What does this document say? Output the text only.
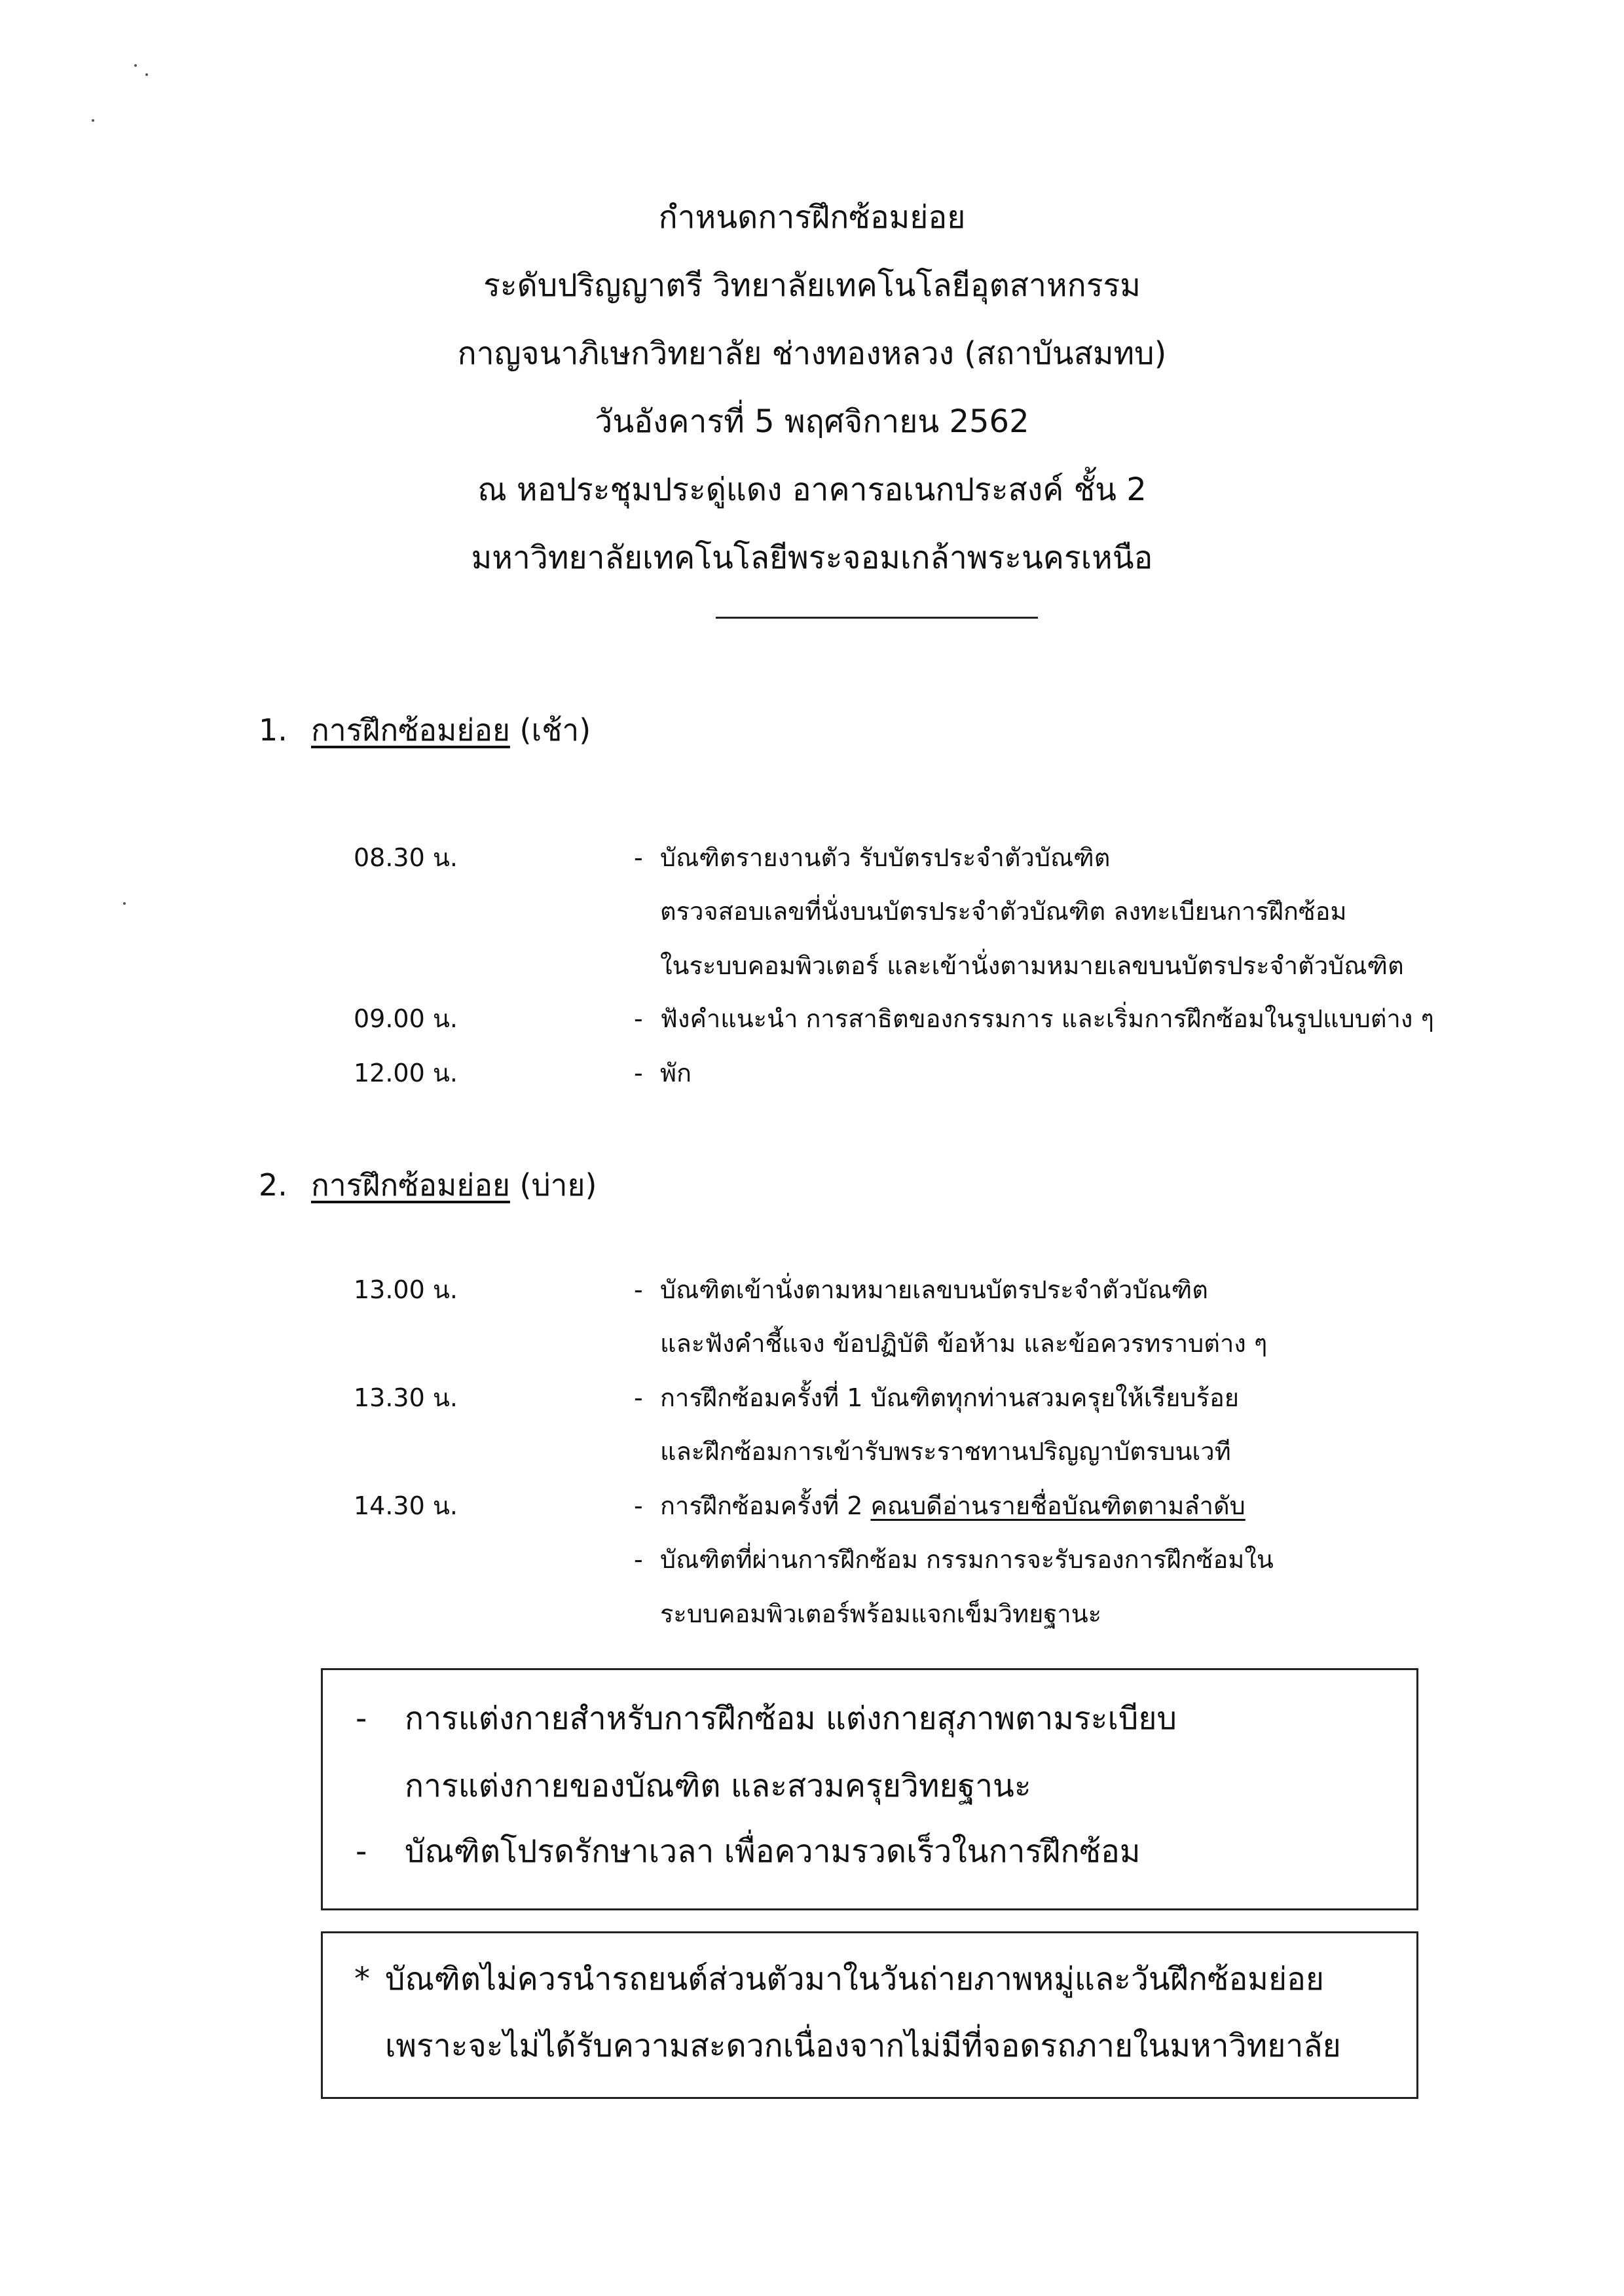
กำหนดการฝึกซ้อมย่อย
ระดับปริญญาตรี วิทยาลัยเทคโนโลยีอุตสาหกรรม
กาญจนาภิเษกวิทยาลัย ช่างทองหลวง (สถาบันสมทบ)
วันอังคารที่ 5 พฤศจิกายน 2562
ณ หอประชุมประดู่แดง อาคารอเนกประสงค์ ชั้น 2
มหาวิทยาลัยเทคโนโลยีพระจอมเกล้าพระนครเหนือ
1. การฝึกซ้อมย่อย (เช้า)
08.30 น.	- บัณฑิตรายงานตัว รับบัตรประจำตัวบัณฑิต
ตรวจสอบเลขที่นั่งบนบัตรประจำตัวบัณฑิต ลงทะเบียนการฝึกซ้อม
ในระบบคอมพิวเตอร์ และเข้านั่งตามหมายเลขบนบัตรประจำตัวบัณฑิต
09.00 น.	- ฟังคำแนะนำ การสาธิตของกรรมการ และเริ่มการฝึกซ้อมในรูปแบบต่าง ๆ
12.00 น.	- พัก
2. การฝึกซ้อมย่อย (บ่าย)
13.00 น.	- บัณฑิตเข้านั่งตามหมายเลขบนบัตรประจำตัวบัณฑิต
และฟังคำชี้แจง ข้อปฏิบัติ ข้อห้าม และข้อควรทราบต่าง ๆ
13.30 น.	- การฝึกซ้อมครั้งที่ 1 บัณฑิตทุกท่านสวมครุยให้เรียบร้อย
และฝึกซ้อมการเข้ารับพระราชทานปริญญาบัตรบนเวที
14.30 น.	- การฝึกซ้อมครั้งที่ 2 คณบดีอ่านรายชื่อบัณฑิตตามลำดับ
- บัณฑิตที่ผ่านการฝึกซ้อม กรรมการจะรับรองการฝึกซ้อมใน
ระบบคอมพิวเตอร์พร้อมแจกเข็มวิทยฐานะ
- การแต่งกายสำหรับการฝึกซ้อม แต่งกายสุภาพตามระเบียบ
การแต่งกายของบัณฑิต และสวมครุยวิทยฐานะ
- บัณฑิตโปรดรักษาเวลา เพื่อความรวดเร็วในการฝึกซ้อม
* บัณฑิตไม่ควรนำรถยนต์ส่วนตัวมาในวันถ่ายภาพหมู่และวันฝึกซ้อมย่อย
เพราะจะไม่ได้รับความสะดวกเนื่องจากไม่มีที่จอดรถภายในมหาวิทยาลัย
